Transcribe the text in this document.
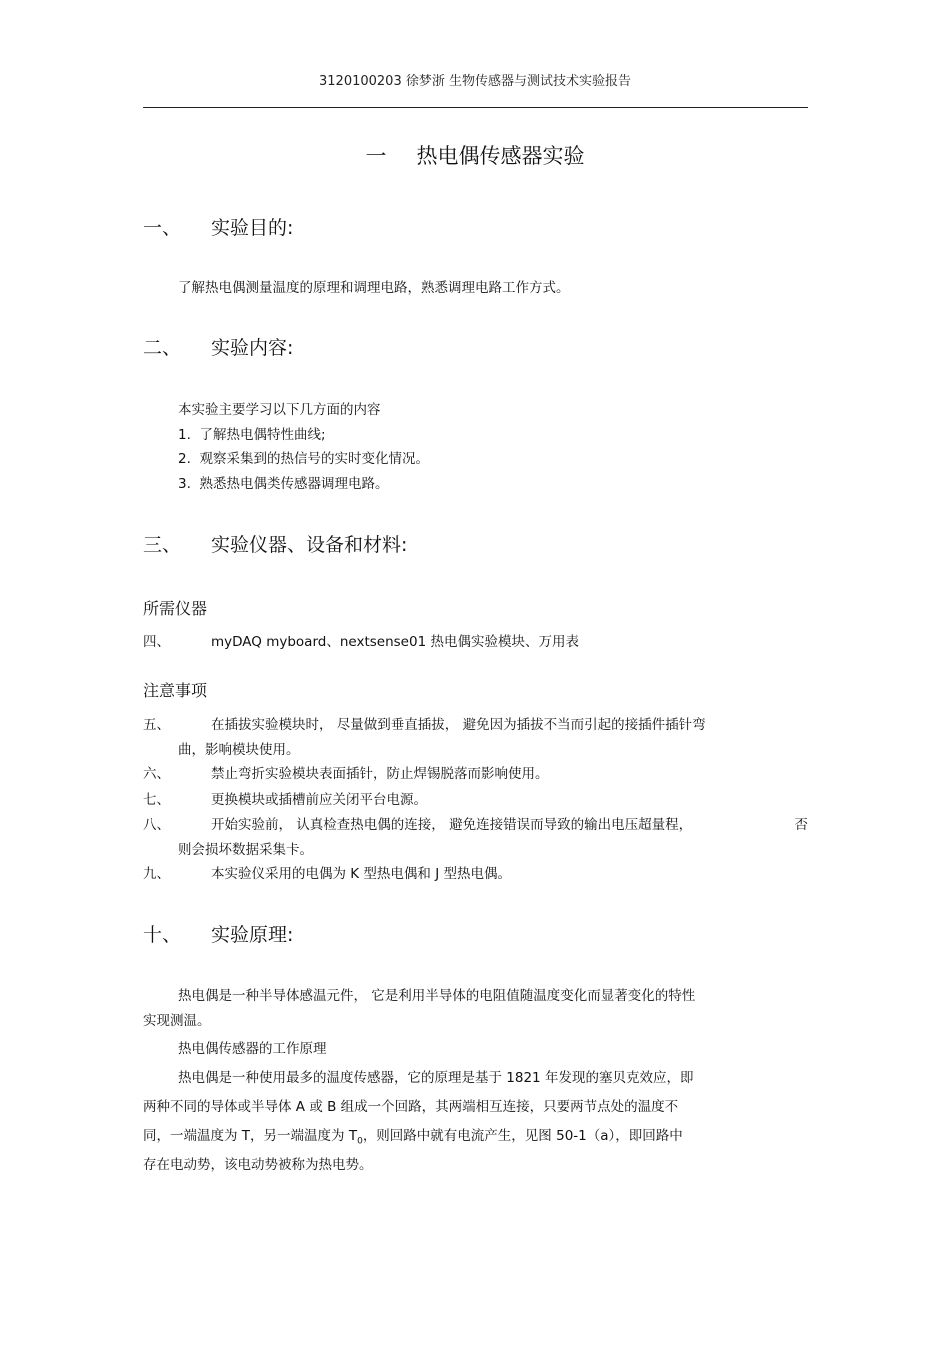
3120100203 徐梦浙 生物传感器与测试技术实验报告
一 热电偶传感器实验
一、 实验目的:
了解热电偶测量温度的原理和调理电路，熟悉调理电路工作方式。
二、 实验内容:
本实验主要学习以下几方面的内容
1. 了解热电偶特性曲线;
2. 观察采集到的热信号的实时变化情况。
3. 熟悉热电偶类传感器调理电路。
三、 实验仪器、设备和材料:
所需仪器
四、	myDAQ myboard、nextsense01 热电偶实验模块、万用表
注意事项
五、	在插拔实验模块时， 尽量做到垂直插拔， 避免因为插拔不当而引起的接插件插针弯
曲，影响模块使用。
六、	禁止弯折实验模块表面插针，防止焊锡脱落而影响使用。
七、	更换模块或插槽前应关闭平台电源。
八、	开始实验前， 认真检查热电偶的连接， 避免连接错误而导致的输出电压超量程，	否
则会损坏数据采集卡。
九、	本实验仪采用的电偶为 K 型热电偶和 J 型热电偶。
十、 实验原理:
热电偶是一种半导体感温元件， 它是利用半导体的电阻值随温度变化而显著变化的特性
实现测温。
热电偶传感器的工作原理
热电偶是一种使用最多的温度传感器，它的原理是基于 1821 年发现的塞贝克效应，即
两种不同的导体或半导体 A 或 B 组成一个回路，其两端相互连接，只要两节点处的温度不
同，一端温度为 T，另一端温度为 $T_0$，则回路中就有电流产生，见图 50-1（a），即回路中
存在电动势，该电动势被称为热电势。
